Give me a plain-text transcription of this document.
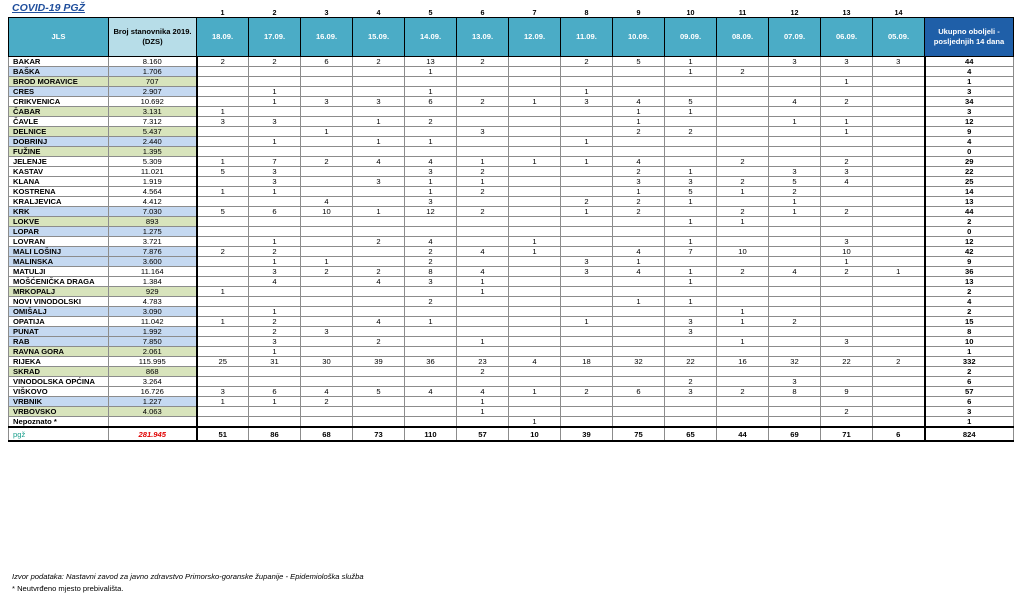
COVID-19 PGŽ
			1	2	3	4	5	6	7	8	9	10	11	12	13	14	
JLS	Broj stanovnika 2019. (DZS)	18.09.	17.09.	16.09.	15.09.	14.09.	13.09.	12.09.	11.09.	10.09.	09.09.	08.09.	07.09.	06.09.	05.09.	Ukupno oboljeli - posljednjih 14 dana
BAKAR	8.160	2	2	6	2	13	2		2	5	1		3	3	3	44
BAŠKA	1.706					1					1	2				4
BROD MORAVICE	707													1		1
CRES	2.907		1			1			1							3
CRIKVENICA	10.692		1	3	3	6	2	1	3	4	5		4	2		34
ČABAR	3.131	1								1	1					3
ČAVLE	7.312	3	3		1	2				1			1	1		12
DELNICE	5.437			1			3			2	2			1		9
DOBRINJ	2.440		1		1	1			1							4
FUŽINE	1.395															0
JELENJE	5.309	1	7	2	4	4	1	1	1	4		2		2		29
KASTAV	11.021	5	3			3	2			2	1		3	3		22
KLANA	1.919		3		3	1	1			3	3	2	5	4		25
KOSTRENA	4.564	1	1			1	2			1	5	1	2			14
KRALJEVICA	4.412			4		3			2	2	1		1			13
KRK	7.030	5	6	10	1	12	2		1	2		2	1	2		44
LOKVE	893										1	1				2
LOPAR	1.275															0
LOVRAN	3.721		1		2	4		1			1			3		12
MALI LOŠINJ	7.876	2	2			2	4	1		4	7	10		10		42
MALINSKA	3.600		1	1		2			3	1				1		9
MATULJI	11.164		3	2	2	8	4		3	4	1	2	4	2	1	36
MOŠĆENIČKA DRAGA	1.384		4		4	3	1				1					13
MRKOPALJ	929	1					1									2
NOVI VINODOLSKI	4.783					2				1	1					4
OMIŠALJ	3.090		1									1				2
OPATIJA	11.042	1	2		4	1			1		3	1	2			15
PUNAT	1.992		2	3							3					8
RAB	7.850		3		2		1					1		3		10
RAVNA GORA	2.061		1													1
RIJEKA	115.995	25	31	30	39	36	23	4	18	32	22	16	32	22	2	332
SKRAD	868						2									2
VINODOLSKA OPĆINA	3.264										2		3			6
VIŠKOVO	16.726	3	6	4	5	4	4	1	2	6	3	2	8	9		57
VRBNIK	1.227	1	1	2			1									6
VRBOVSKO	4.063						1							2		3
Nepoznato *								1								1
pgž	281.945	51	86	68	73	110	57	10	39	75	65	44	69	71	6	824
Izvor podataka: Nastavni zavod za javno zdravstvo Primorsko-goranske županije - Epidemiološka služba
* Neutvrđeno mjesto prebivališta.
